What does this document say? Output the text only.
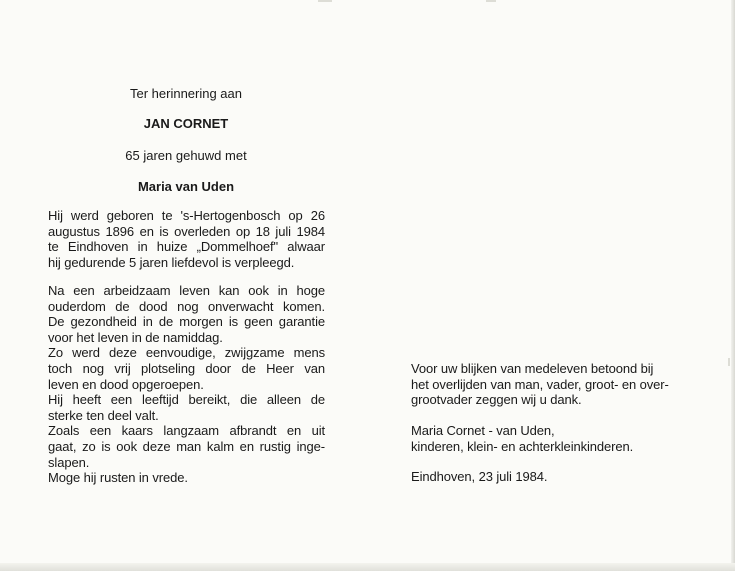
Ter herinnering aan
JAN CORNET
65 jaren gehuwd met
Maria van Uden
Hij werd geboren te 's-Hertogenbosch op 26
augustus 1896 en is overleden op 18 juli 1984
te Eindhoven in huize „Dommelhoef" alwaar
hij gedurende 5 jaren liefdevol is verpleegd.
Na een arbeidzaam leven kan ook in hoge
ouderdom de dood nog onverwacht komen.
De gezondheid in de morgen is geen garantie
voor het leven in de namiddag.
Zo werd deze eenvoudige, zwijgzame mens
toch nog vrij plotseling door de Heer van
leven en dood opgeroepen.
Hij heeft een leeftijd bereikt, die alleen de
sterke ten deel valt.
Zoals een kaars langzaam afbrandt en uit
gaat, zo is ook deze man kalm en rustig inge-
slapen.
Moge hij rusten in vrede.
Voor uw blijken van medeleven betoond bij
het overlijden van man, vader, groot- en over-
grootvader zeggen wij u dank.
Maria Cornet - van Uden,
kinderen, klein- en achterkleinkinderen.
Eindhoven, 23 juli 1984.
